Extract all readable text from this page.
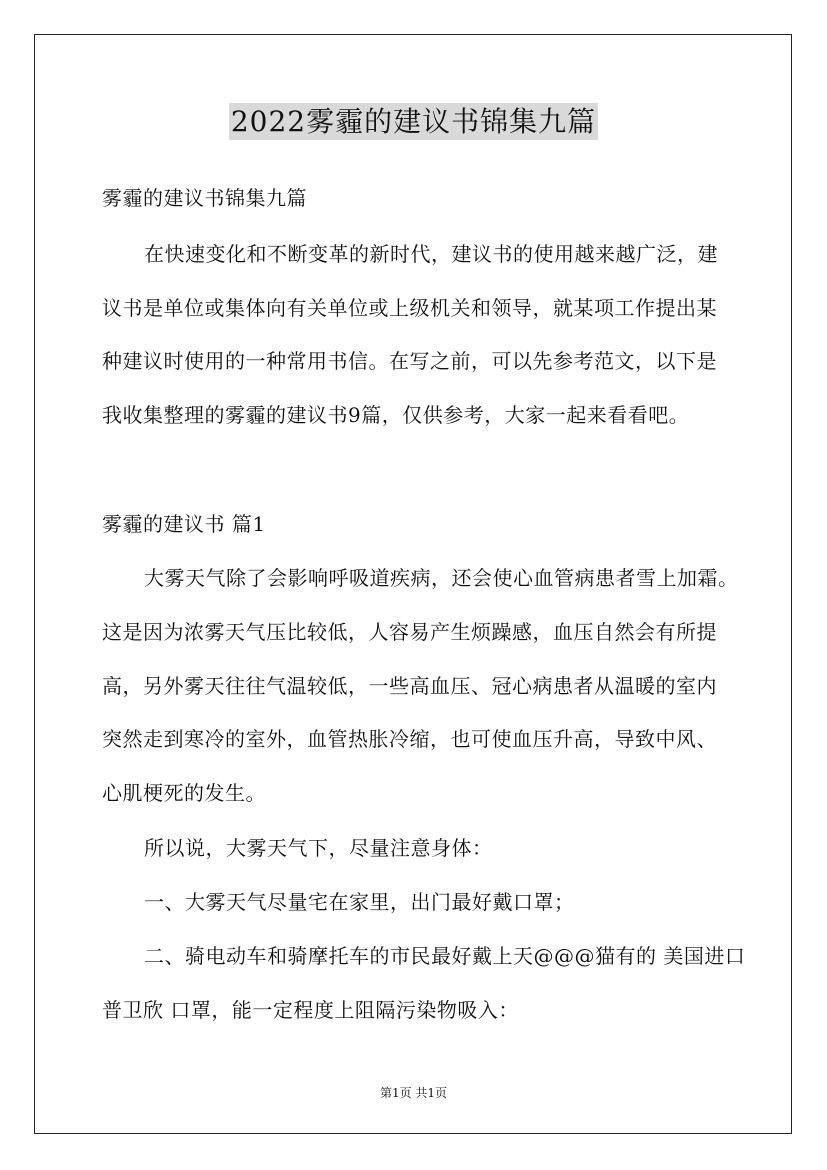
2022雾霾的建议书锦集九篇
雾霾的建议书锦集九篇
在快速变化和不断变革的新时代，建议书的使用越来越广泛，建
议书是单位或集体向有关单位或上级机关和领导，就某项工作提出某
种建议时使用的一种常用书信。在写之前，可以先参考范文，以下是
我收集整理的雾霾的建议书9篇，仅供参考，大家一起来看看吧。
雾霾的建议书 篇1
大雾天气除了会影响呼吸道疾病，还会使心血管病患者雪上加霜。
这是因为浓雾天气压比较低，人容易产生烦躁感，血压自然会有所提
高，另外雾天往往气温较低，一些高血压、冠心病患者从温暖的室内
突然走到寒冷的室外，血管热胀冷缩，也可使血压升高，导致中风、
心肌梗死的发生。
所以说，大雾天气下，尽量注意身体：
一、大雾天气尽量宅在家里，出门最好戴口罩；
二、骑电动车和骑摩托车的市民最好戴上天@@@猫有的 美国进口
普卫欣 口罩，能一定程度上阻隔污染物吸入：
第1页 共1页
